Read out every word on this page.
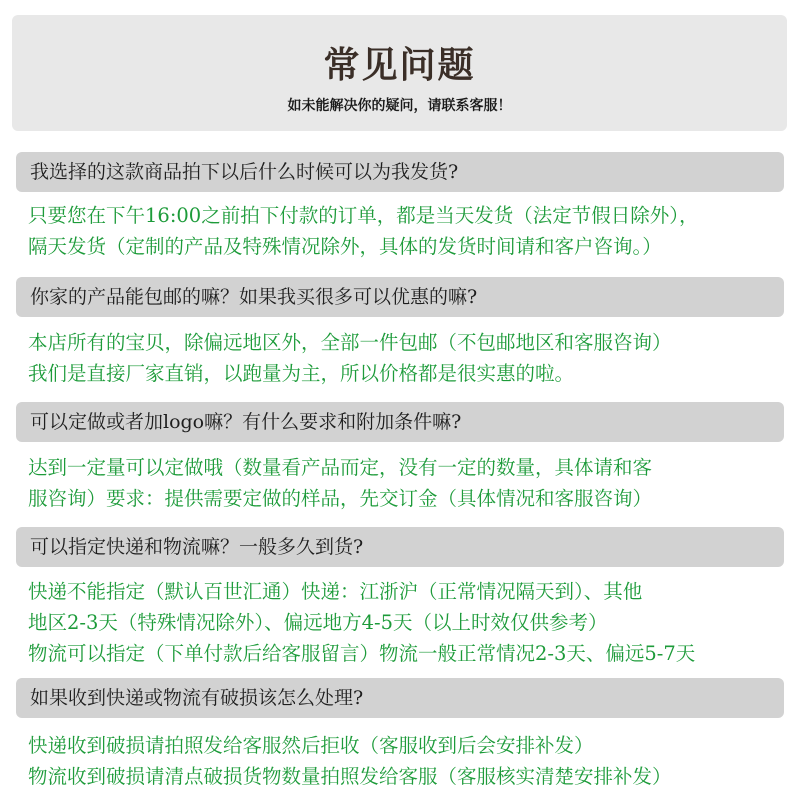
常见问题
如未能解决你的疑问，请联系客服！
我选择的这款商品拍下以后什么时候可以为我发货?
只要您在下午16:00之前拍下付款的订单，都是当天发货（法定节假日除外），
隔天发货（定制的产品及特殊情况除外，具体的发货时间请和客户咨询。）
你家的产品能包邮的嘛？如果我买很多可以优惠的嘛?
本店所有的宝贝，除偏远地区外，全部一件包邮（不包邮地区和客服咨询）
我们是直接厂家直销，以跑量为主，所以价格都是很实惠的啦。
可以定做或者加logo嘛？有什么要求和附加条件嘛?
达到一定量可以定做哦（数量看产品而定，没有一定的数量，具体请和客
服咨询）要求：提供需要定做的样品，先交订金（具体情况和客服咨询）
可以指定快递和物流嘛？一般多久到货?
快递不能指定（默认百世汇通）快递：江浙沪（正常情况隔天到）、其他
地区2-3天（特殊情况除外）、偏远地方4-5天（以上时效仅供参考）
物流可以指定（下单付款后给客服留言）物流一般正常情况2-3天、偏远5-7天
如果收到快递或物流有破损该怎么处理?
快递收到破损请拍照发给客服然后拒收（客服收到后会安排补发）
物流收到破损请清点破损货物数量拍照发给客服（客服核实清楚安排补发）
